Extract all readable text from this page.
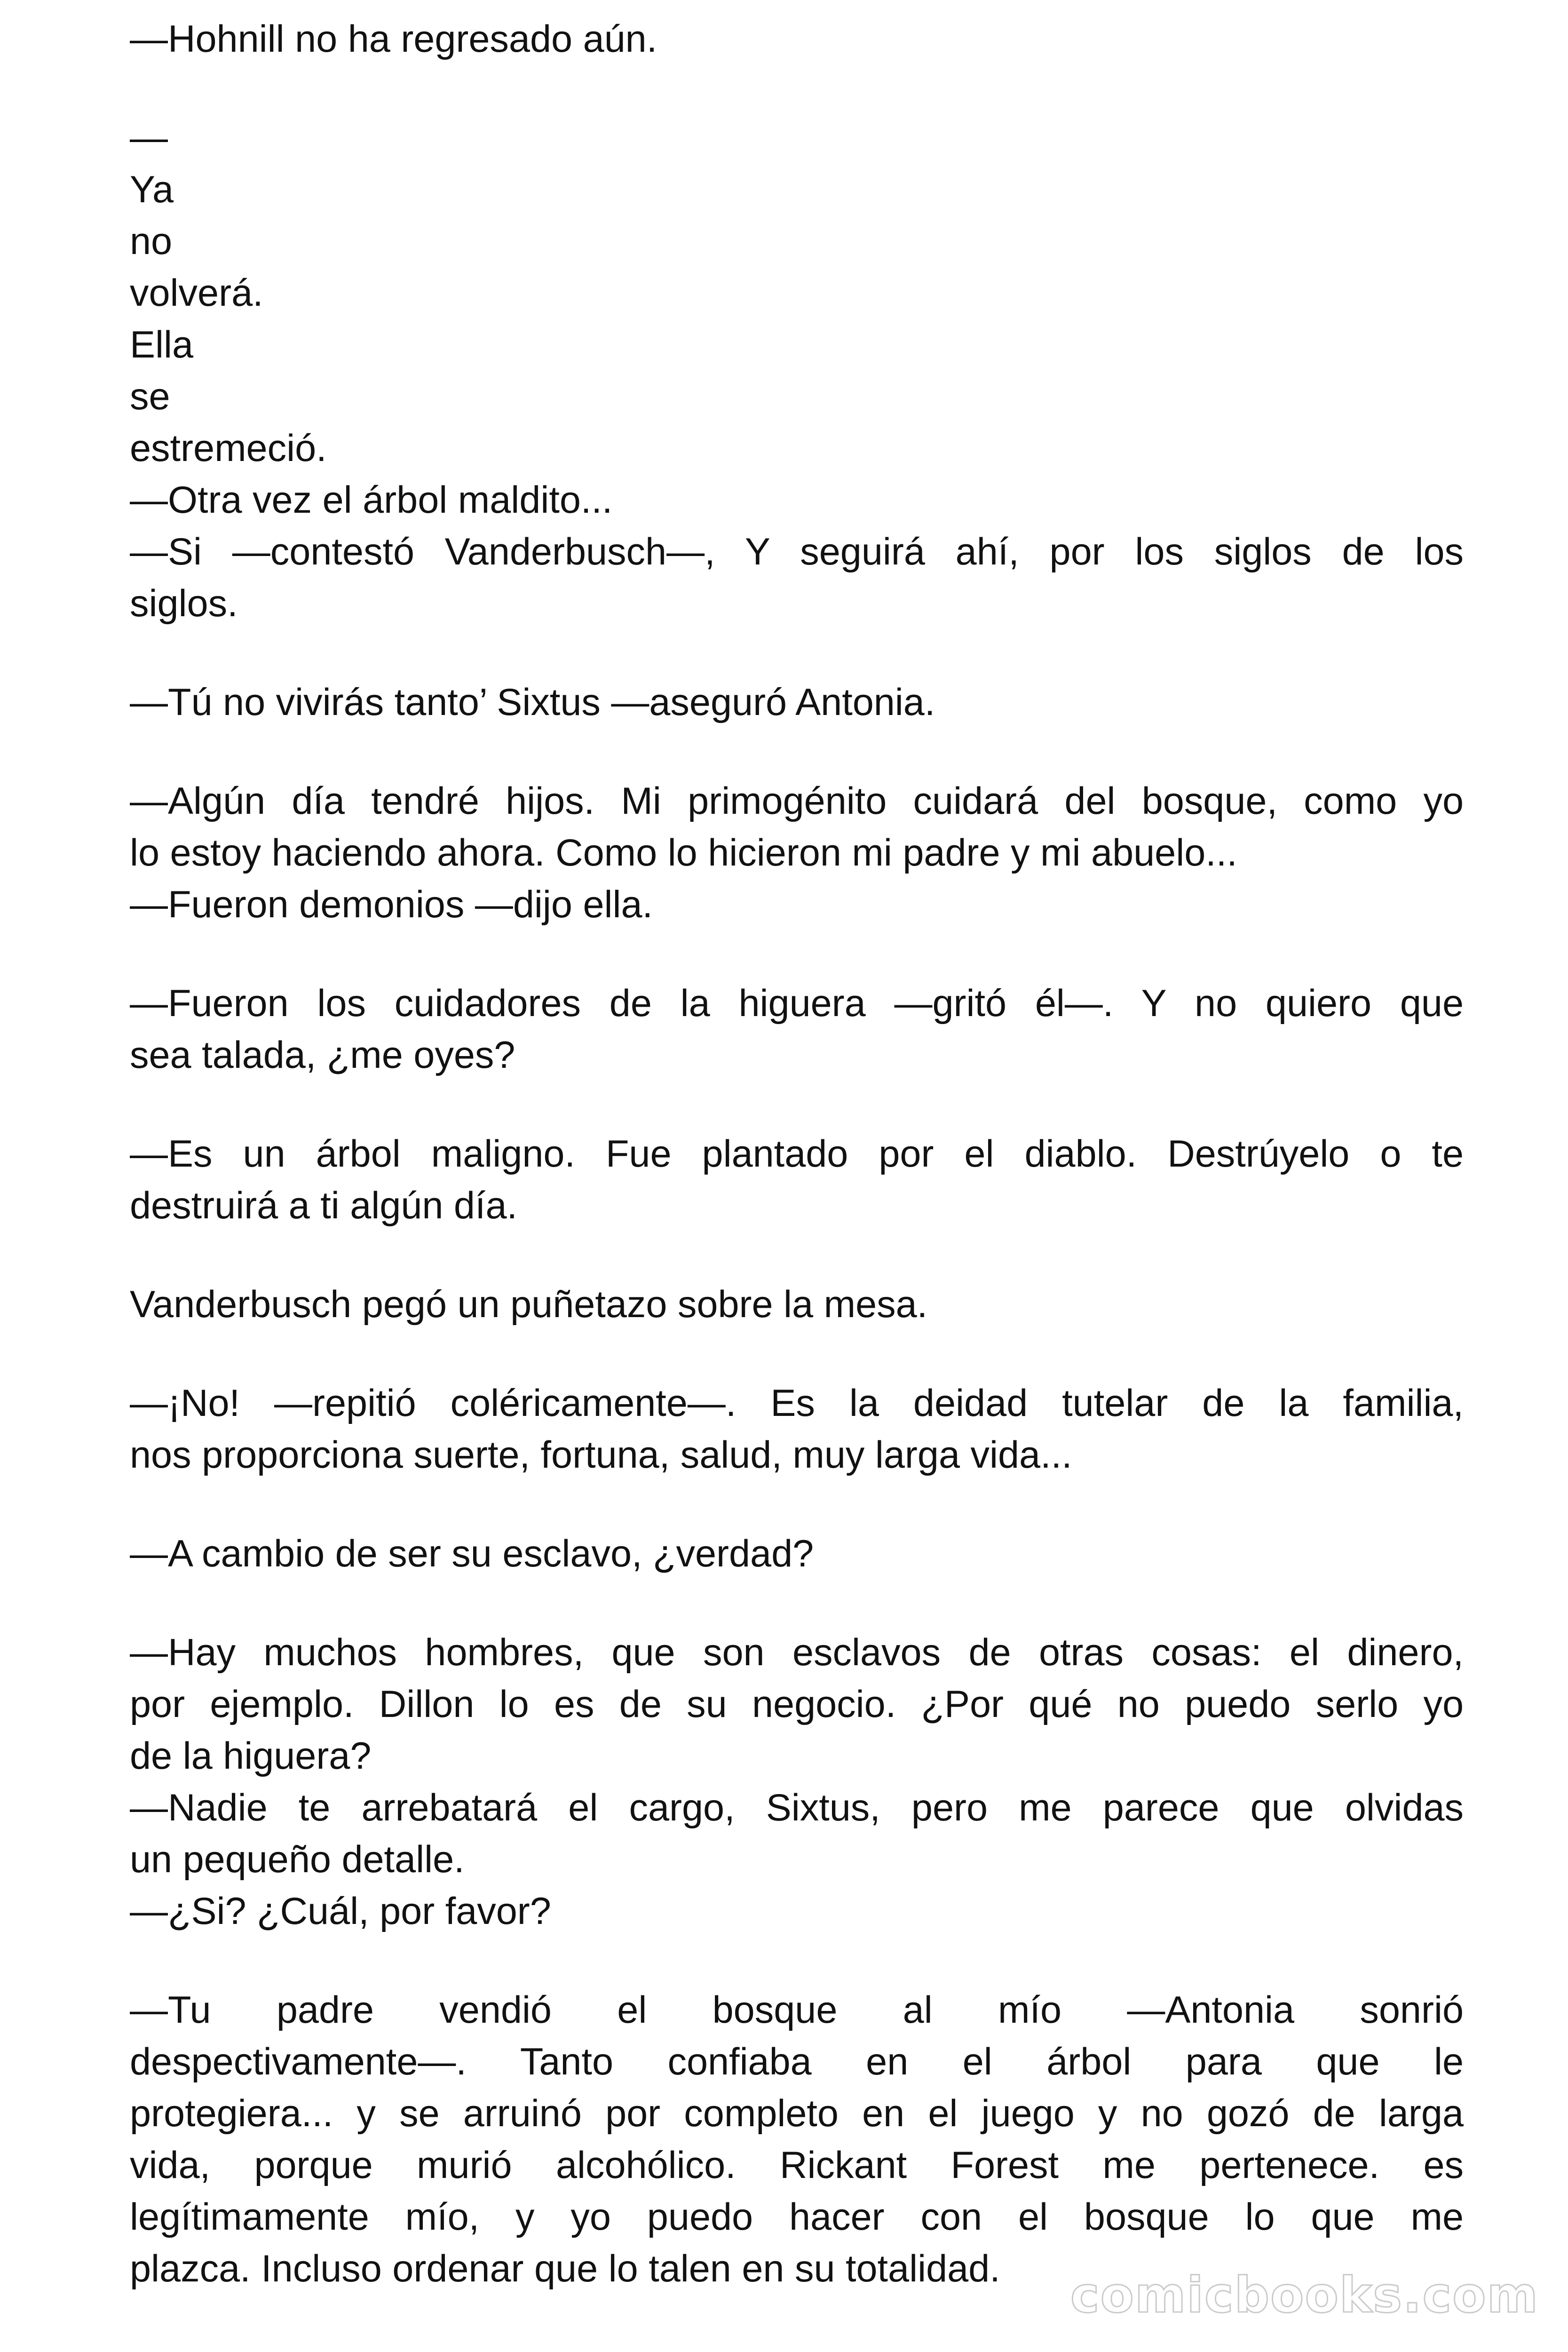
—Hohnill no ha regresado aún.
—
Ya
no
volverá.
Ella
se
estremeció.
—Otra vez el árbol maldito...
—Si —contestó Vanderbusch—, Y seguirá ahí, por los siglos de los
siglos.
—Tú no vivirás tanto’ Sixtus —aseguró Antonia.
—Algún día tendré hijos. Mi primogénito cuidará del bosque, como yo
lo estoy haciendo ahora. Como lo hicieron mi padre y mi abuelo...
—Fueron demonios —dijo ella.
—Fueron los cuidadores de la higuera —gritó él—. Y no quiero que
sea talada, ¿me oyes?
—Es un árbol maligno. Fue plantado por el diablo. Destrúyelo o te
destruirá a ti algún día.
Vanderbusch pegó un puñetazo sobre la mesa.
—¡No! —repitió coléricamente—. Es la deidad tutelar de la familia,
nos proporciona suerte, fortuna, salud, muy larga vida...
—A cambio de ser su esclavo, ¿verdad?
—Hay muchos hombres, que son esclavos de otras cosas: el dinero,
por ejemplo. Dillon lo es de su negocio. ¿Por qué no puedo serlo yo
de la higuera?
—Nadie te arrebatará el cargo, Sixtus, pero me parece que olvidas
un pequeño detalle.
—¿Si? ¿Cuál, por favor?
—Tu padre vendió el bosque al mío —Antonia sonrió
despectivamente—. Tanto confiaba en el árbol para que le
protegiera... y se arruinó por completo en el juego y no gozó de larga
vida, porque murió alcohólico. Rickant Forest me pertenece. es
legítimamente mío, y yo puedo hacer con el bosque lo que me
plazca. Incluso ordenar que lo talen en su totalidad.	comicbooks.com
